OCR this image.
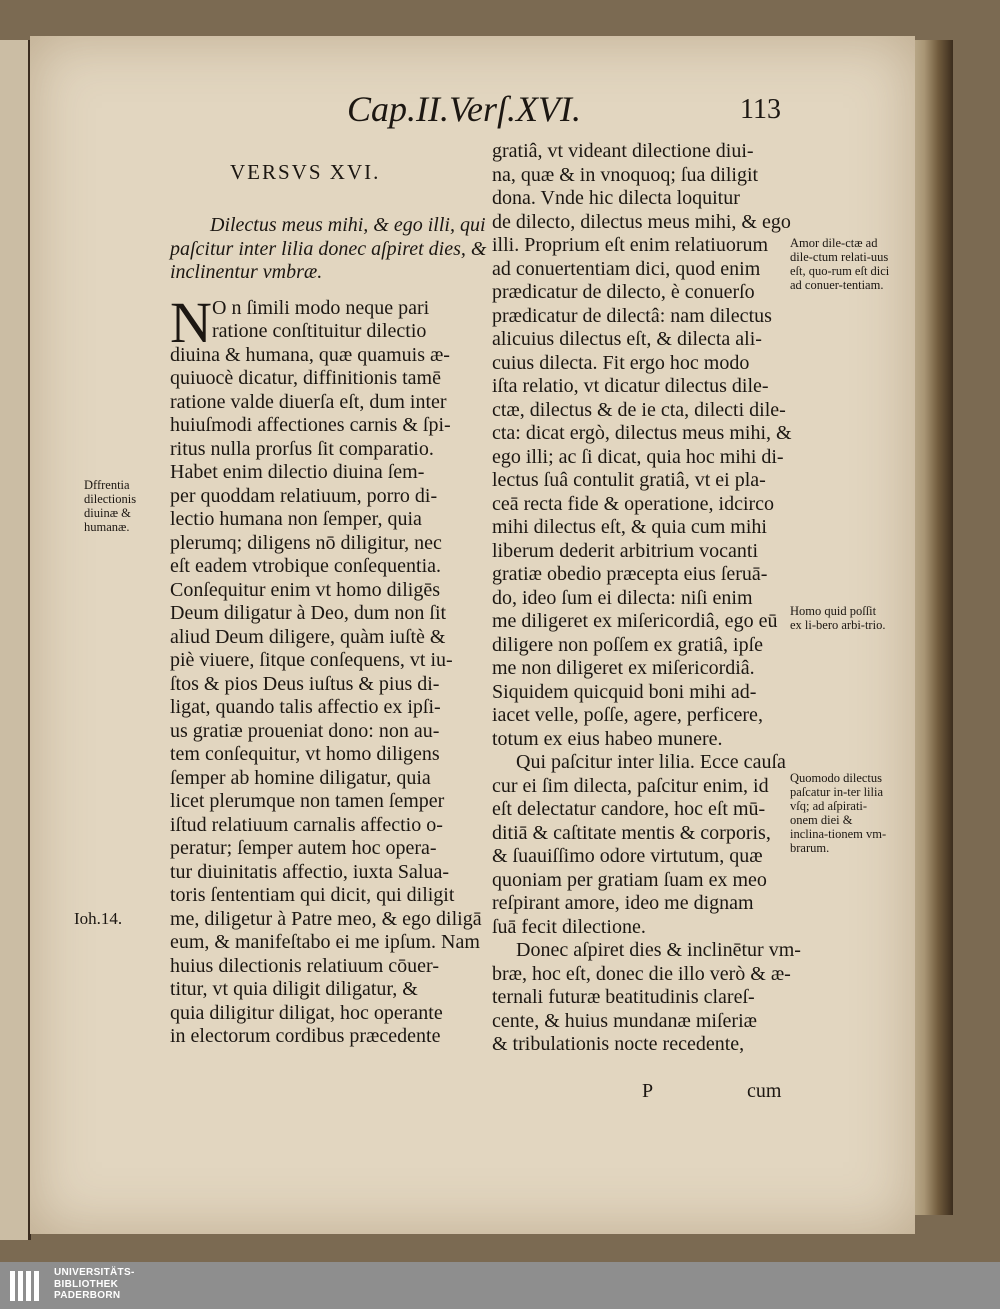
Cap.II.Verſ.XVI.	113
VERSVS XVI.
Dilectus meus mihi, & ego illi, qui
paſcitur inter lilia donec aſpiret dies, &
inclinentur vmbræ.
N O n ſimili modo neque pari
ratione conſtituitur dilectio
diuina & humana, quæ quamuis æ-
quiuocè dicatur, diffinitionis tamē
ratione valde diuerſa eſt, dum inter
huiuſmodi affectiones carnis & ſpi-
ritus nulla prorſus ſit comparatio.
Habet enim dilectio diuina ſem-
per quoddam relatiuum, porro di-
lectio humana non ſemper, quia
plerumq; diligens nō diligitur, nec
eſt eadem vtrobique conſequentia.
Conſequitur enim vt homo diligēs
Deum diligatur à Deo, dum non ſit
aliud Deum diligere, quàm iuſtè &
piè viuere, ſitque conſequens, vt iu-
ſtos & pios Deus iuſtus & pius di-
ligat, quando talis affectio ex ipſi-
us gratiæ proueniat dono: non au-
tem conſequitur, vt homo diligens
ſemper ab homine diligatur, quia
licet plerumque non tamen ſemper
iſtud relatiuum carnalis affectio o-
peratur; ſemper autem hoc opera-
tur diuinitatis affectio, iuxta Saluа-
toris ſententiam qui dicit, qui diligit
me, diligetur à Patre meo, & ego diligā
eum, & manifeſtabo ei me ipſum. Nam
huius dilectionis relatiuum cōuer-
titur, vt quia diligit diligatur, &
quia diligitur diligat, hoc operante
in electorum cordibus præcedente
gratiâ, vt videant dilectione diui-
na, quæ & in vnoquoq; ſua diligit
dona. Vnde hic dilecta loquitur
de dilecto, dilectus meus mihi, & ego
illi. Proprium eſt enim relatiuorum
ad conuertentiam dici, quod enim
prædicatur de dilecto, è conuerſo
prædicatur de dilectâ: nam dilectus
alicuius dilectus eſt, & dilecta ali-
cuius dilecta. Fit ergo hoc modo
iſta relatio, vt dicatur dilectus dile-
ctæ, dilectus & de ie cta, dilecti dile-
cta: dicat ergò, dilectus meus mihi, &
ego illi; ac ſi dicat, quia hoc mihi di-
lectus ſuâ contulit gratiâ, vt ei pla-
ceā recta fide & operatione, idcirco
mihi dilectus eſt, & quia cum mihi
liberum dederit arbitrium vocanti
gratiæ obedio præcepta eius ſeruā-
do, ideo ſum ei dilecta: niſi enim
me diligeret ex miſericordiâ, ego eū
diligere non poſſem ex gratiâ, ipſe
me non diligeret ex miſericordiâ.
Siquidem quicquid boni mihi ad-
iacet velle, poſſe, agere, perficere,
totum ex eius habeo munere.
Qui paſcitur inter lilia. Ecce cauſa
cur ei ſim dilecta, paſcitur enim, id
eſt delectatur candore, hoc eſt mū-
ditiā & caſtitate mentis & corporis,
& ſuauiſſimo odore virtutum, quæ
quoniam per gratiam ſuam ex meo
reſpirant amore, ideo me dignam
ſuā fecit dilectione.
Donec aſpiret dies & inclinētur vm-
bræ, hoc eſt, donec die illo verò & æ-
ternali futuræ beatitudinis clareſ-
cente, & huius mundanæ miſeriæ
& tribulationis nocte recedente,
Dffrentia dilectionis diuinæ & humanæ.
Ioh.14.
Amor dile-ctæ ad dile-ctum relati-uus eſt, quo-rum eſt dici ad conuer-tentiam.
Homo quid poſſit ex li-bero arbi-trio.
Quomodo dilectus paſcatur in-ter lilia vſq; ad aſpirati-onem diei & inclina-tionem vm-brarum.
P	cum
UNIVERSITÄTS-
BIBLIOTHEK
PADERBORN
